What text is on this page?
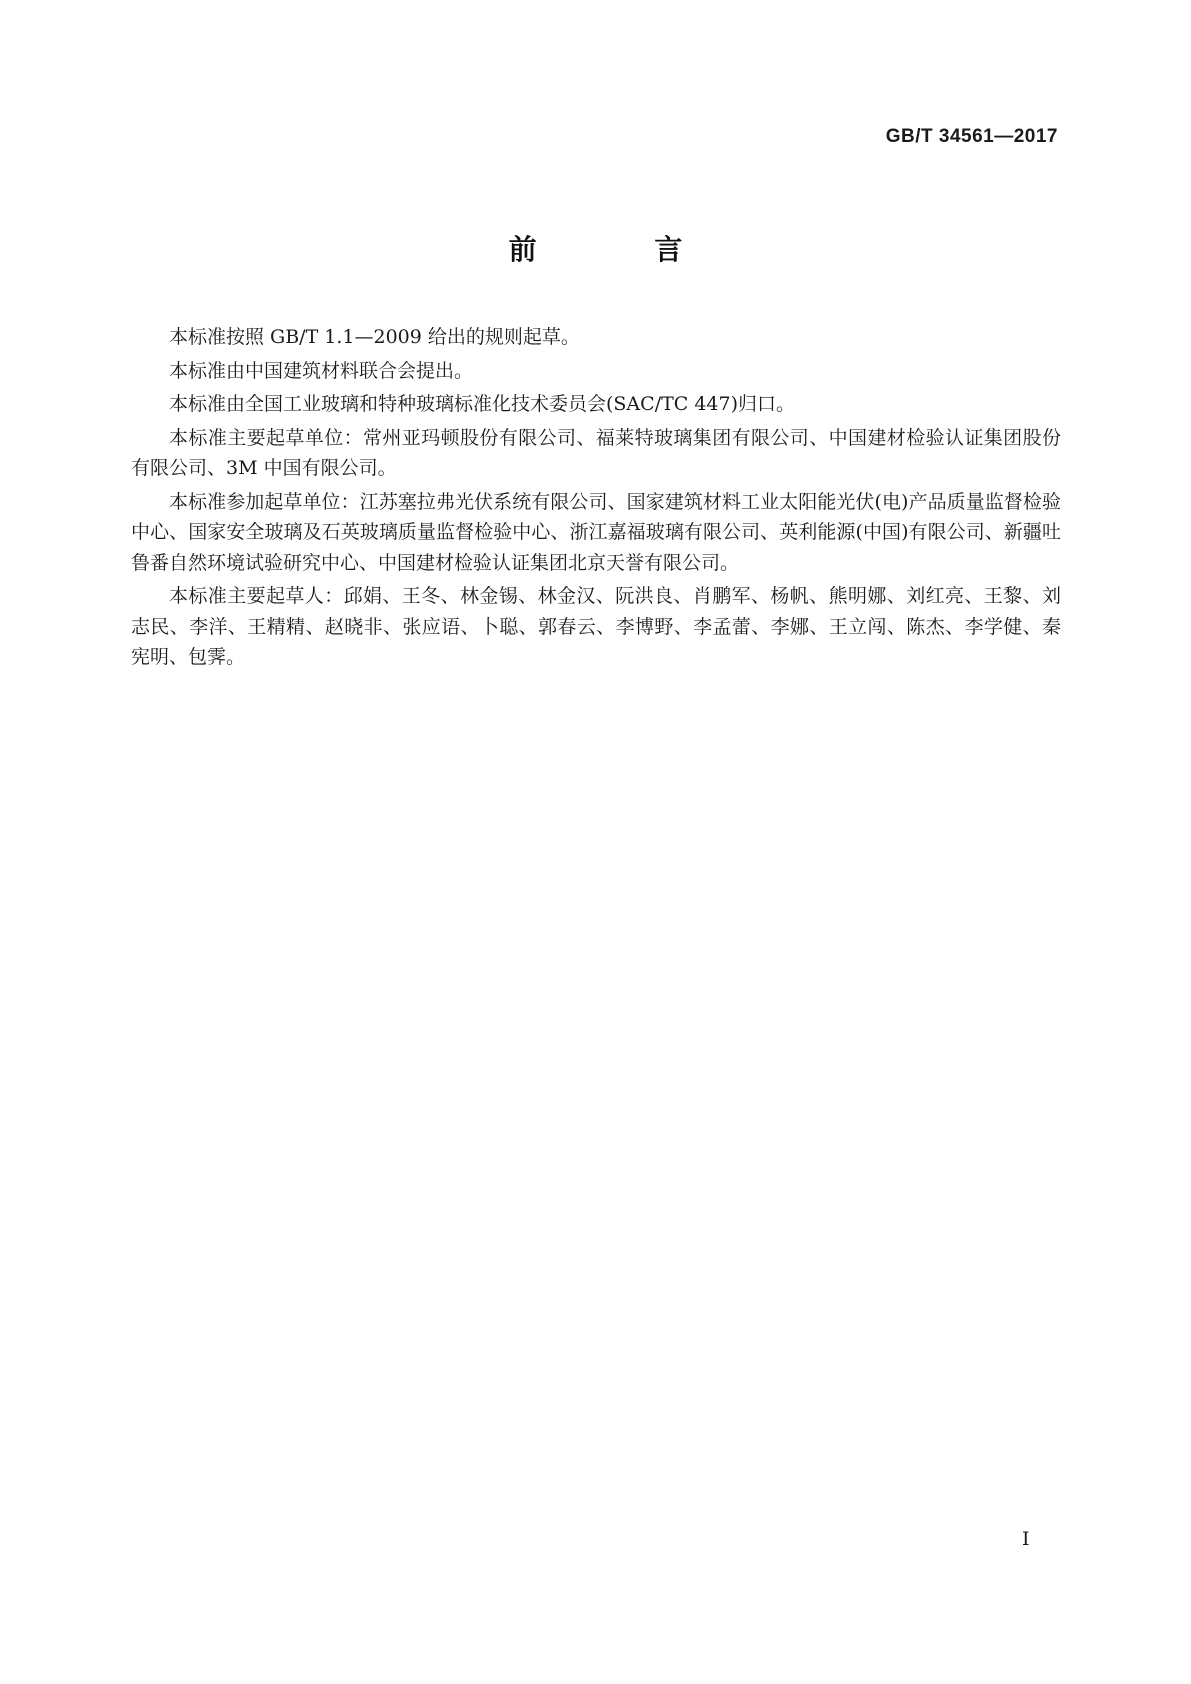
GB/T 34561—2017
前 言

本标准按照 GB/T 1.1—2009 给出的规则起草。

本标准由中国建筑材料联合会提出。

本标准由全国工业玻璃和特种玻璃标准化技术委员会(SAC/TC 447)归口。

本标准主要起草单位：常州亚玛顿股份有限公司、福莱特玻璃集团有限公司、中国建材检验认证集团股份有限公司、3M 中国有限公司。

本标准参加起草单位：江苏塞拉弗光伏系统有限公司、国家建筑材料工业太阳能光伏(电)产品质量监督检验中心、国家安全玻璃及石英玻璃质量监督检验中心、浙江嘉福玻璃有限公司、英利能源(中国)有限公司、新疆吐鲁番自然环境试验研究中心、中国建材检验认证集团北京天誉有限公司。

本标准主要起草人：邱娟、王冬、林金锡、林金汉、阮洪良、肖鹏军、杨帆、熊明娜、刘红亮、王黎、刘志民、李洋、王精精、赵晓非、张应语、卜聪、郭春云、李博野、李孟蕾、李娜、王立闯、陈杰、李学健、秦宪明、包霁。

I
